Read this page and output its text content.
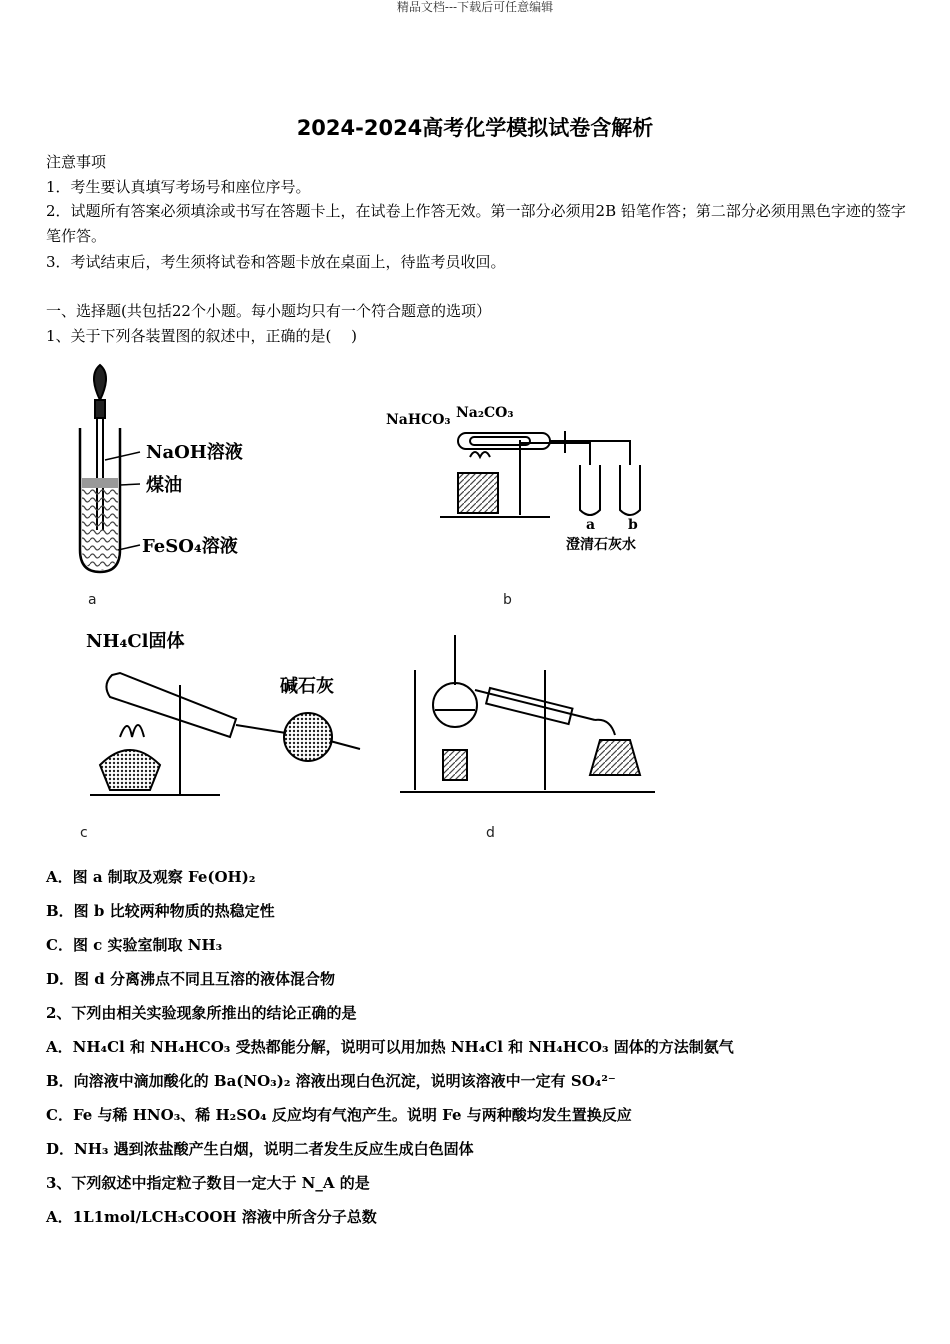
精品文档---下载后可任意编辑
2024-2024高考化学模拟试卷含解析
注意事项
1．考生要认真填写考场号和座位序号。
2．试题所有答案必须填涂或书写在答题卡上，在试卷上作答无效。第一部分必须用2B 铅笔作答；第二部分必须用黑色字迹的签字笔作答。
3．考试结束后，考生须将试卷和答题卡放在桌面上，待监考员收回。
一、选择题(共包括22个小题。每小题均只有一个符合题意的选项）
1、关于下列各装置图的叙述中，正确的是(　 )
NaOH溶液
煤油
FeSO₄溶液
a
NaHCO₃ Na₂CO₃
a b
澄清石灰水
b
NH₄Cl固体
碱石灰
c	d
A．图 a 制取及观察 Fe(OH)₂
B．图 b 比较两种物质的热稳定性
C．图 c 实验室制取 NH₃
D．图 d 分离沸点不同且互溶的液体混合物
2、下列由相关实验现象所推出的结论正确的是
A．NH₄Cl 和 NH₄HCO₃ 受热都能分解，说明可以用加热 NH₄Cl 和 NH₄HCO₃ 固体的方法制氨气
B．向溶液中滴加酸化的 Ba(NO₃)₂ 溶液出现白色沉淀，说明该溶液中一定有 SO₄²⁻
C．Fe 与稀 HNO₃、稀 H₂SO₄ 反应均有气泡产生。说明 Fe 与两种酸均发生置换反应
D．NH₃ 遇到浓盐酸产生白烟，说明二者发生反应生成白色固体
3、下列叙述中指定粒子数目一定大于 N_A 的是
A．1L1mol/LCH₃COOH 溶液中所含分子总数
